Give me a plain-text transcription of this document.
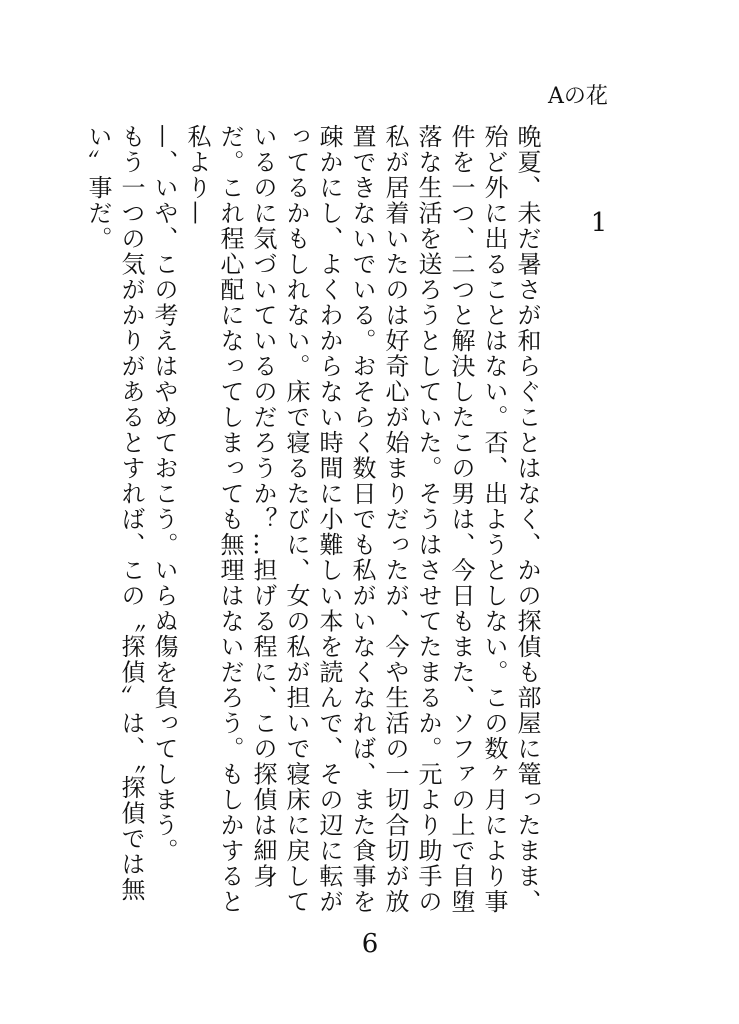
Aの花
1

晩夏、未だ暑さが和らぐことはなく、かの探偵も部屋に篭ったまま、殆ど外に出ることはない。否、出ようとしない。この数ヶ月により事件を一つ、二つと解決したこの男は、今日もまた、ソファの上で自堕落な生活を送ろうとしていた。そうはさせてたまるか。元より助手の私が居着いたのは好奇心が始まりだったが、今や生活の一切合切が放置できないでいる。おそらく数日でも私がいなくなれば、また食事を疎かにし、よくわからない時間に小難しい本を読んで、その辺に転がってるかもしれない。床で寝るたびに、女の私が担いで寝床に戻しているのに気づいているのだろうか？…担げる程に、この探偵は細身だ。これ程心配になってしまっても無理はないだろう。もしかすると私より—

—、いや、この考えはやめておこう。いらぬ傷を負ってしまう。

もう一つの気がかりがあるとすれば、この〝探偵〟は、〝探偵では無い〟事だ。

6
